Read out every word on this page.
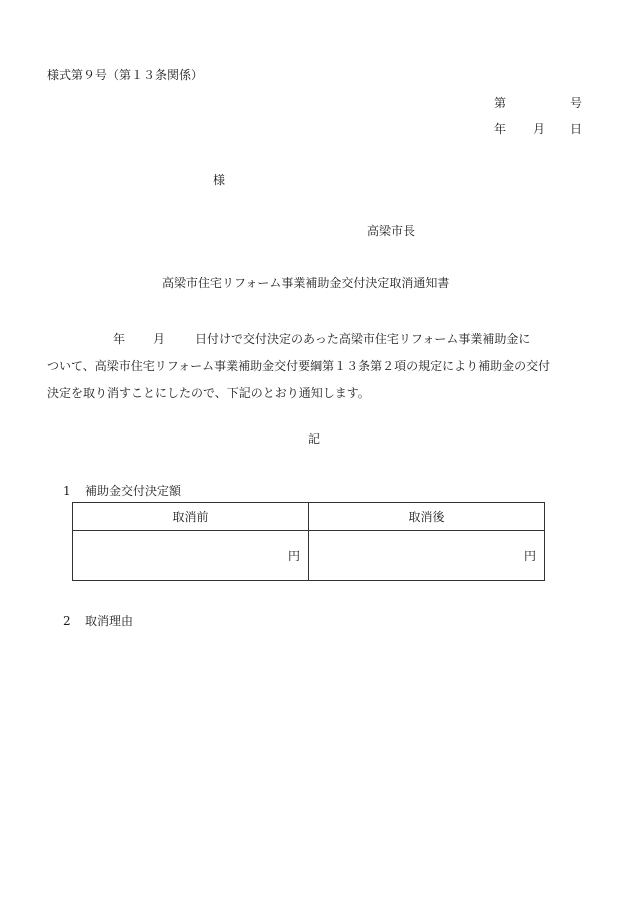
様式第９号（第１３条関係）
第	号
年 月 日
様
高梁市長
高梁市住宅リフォーム事業補助金交付決定取消通知書
年 月	日付けで交付決定のあった高梁市住宅リフォーム事業補助金に
ついて、高梁市住宅リフォーム事業補助金交付要綱第１３条第２項の規定により補助金の交付
決定を取り消すことにしたので、下記のとおり通知します。
記
1 補助金交付決定額
取消前	取消後
円	円
2 取消理由
